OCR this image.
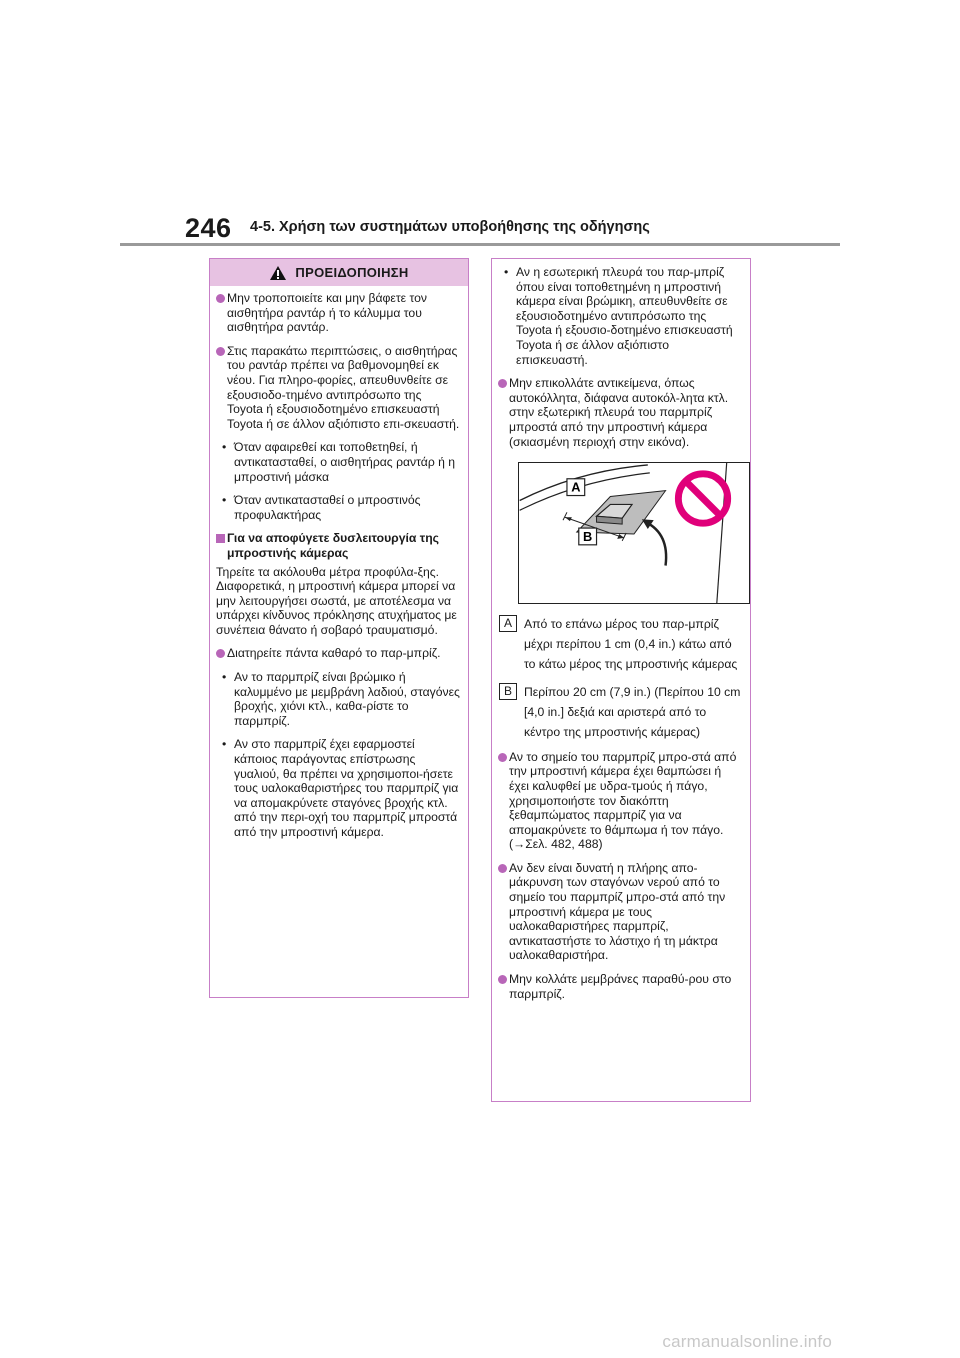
246 4-5. Χρήση των συστημάτων υποβοήθησης της οδήγησης
ΠΡΟΕΙΔΟΠΟΙΗΣΗ
Μην τροποποιείτε και μην βάφετε τον αισθητήρα ραντάρ ή το κάλυμμα του αισθητήρα ραντάρ.
Στις παρακάτω περιπτώσεις, ο αισθητήρας του ραντάρ πρέπει να βαθμονομηθεί εκ νέου. Για πληρο-φορίες, απευθυνθείτε σε εξουσιοδο-τημένο αντιπρόσωπο της Toyota ή εξουσιοδοτημένο επισκευαστή Toyota ή σε άλλον αξιόπιστο επι-σκευαστή.
• Όταν αφαιρεθεί και τοποθετηθεί, ή αντικατασταθεί, ο αισθητήρας ραντάρ ή η μπροστινή μάσκα
• Όταν αντικατασταθεί ο μπροστινός προφυλακτήρας
Για να αποφύγετε δυσλειτουργία της μπροστινής κάμερας
Τηρείτε τα ακόλουθα μέτρα προφύλα-ξης.
Διαφορετικά, η μπροστινή κάμερα μπορεί να μην λειτουργήσει σωστά, με αποτέλεσμα να υπάρχει κίνδυνος πρόκλησης ατυχήματος με συνέπεια θάνατο ή σοβαρό τραυματισμό.
Διατηρείτε πάντα καθαρό το παρ-μπρίζ.
• Αν το παρμπρίζ είναι βρώμικο ή καλυμμένο με μεμβράνη λαδιού, σταγόνες βροχής, χιόνι κτλ., καθα-ρίστε το παρμπρίζ.
• Αν στο παρμπρίζ έχει εφαρμοστεί κάποιος παράγοντας επίστρωσης γυαλιού, θα πρέπει να χρησιμοποι-ήσετε τους υαλοκαθαριστήρες του παρμπρίζ για να απομακρύνετε σταγόνες βροχής κτλ. από την περι-οχή του παρμπρίζ μπροστά από την μπροστινή κάμερα.
• Αν η εσωτερική πλευρά του παρ-μπρίζ όπου είναι τοποθετημένη η μπροστινή κάμερα είναι βρώμικη, απευθυνθείτε σε εξουσιοδοτημένο αντιπρόσωπο της Toyota ή εξουσιο-δοτημένο επισκευαστή Toyota ή σε άλλον αξιόπιστο επισκευαστή.
Μην επικολλάτε αντικείμενα, όπως αυτοκόλλητα, διάφανα αυτοκόλ-λητα κτλ. στην εξωτερική πλευρά του παρμπρίζ μπροστά από την μπροστινή κάμερα (σκιασμένη περιοχή στην εικόνα).
A
B
A Από το επάνω μέρος του παρ-μπρίζ μέχρι περίπου 1 cm (0,4 in.) κάτω από το κάτω μέρος της μπροστινής κάμερας
B Περίπου 20 cm (7,9 in.) (Περίπου 10 cm [4,0 in.] δεξιά και αριστερά από το κέντρο της μπροστινής κάμερας)
Αν το σημείο του παρμπρίζ μπρο-στά από την μπροστινή κάμερα έχει θαμπώσει ή έχει καλυφθεί με υδρα-τμούς ή πάγο, χρησιμοποιήστε τον διακόπτη ξεθαμπώματος παρμπρίζ για να απομακρύνετε το θάμπωμα ή τον πάγο. (→Σελ. 482, 488)
Αν δεν είναι δυνατή η πλήρης απο-μάκρυνση των σταγόνων νερού από το σημείο του παρμπρίζ μπρο-στά από την μπροστινή κάμερα με τους υαλοκαθαριστήρες παρμπρίζ, αντικαταστήστε το λάστιχο ή τη μάκτρα υαλοκαθαριστήρα.
Μην κολλάτε μεμβράνες παραθύ-ρου στο παρμπρίζ.
carmanualsonline.info
